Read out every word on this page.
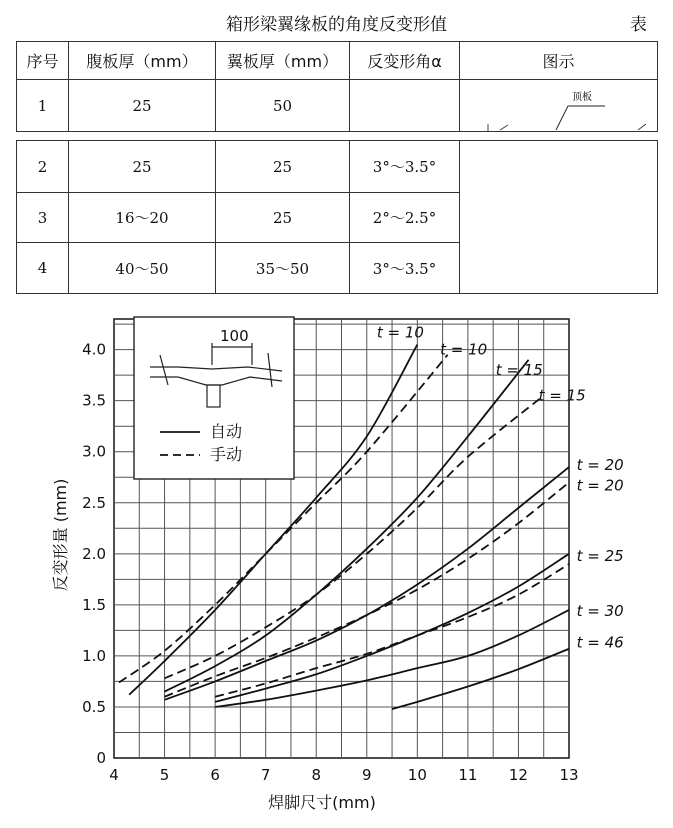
箱形梁翼缘板的角度反变形值	表
序号	腹板厚（mm）	翼板厚（mm）	反变形角α	图示
1	25	50		顶板
2	25	25	3°～3.5°	
3	16～20	25	2°～2.5°	
4	40～50	35～50	3°～3.5°	
4	5	6	7	8	9 10 11 12 13
0
0.5
1.0
1.5
2.0
2.5
3.0
3.5
4.0
t = 10
t = 10
t = 15
t = 15
t = 20
t = 20
t = 25
t = 30
t = 46
100
自动
手动
反变形量 (mm)
焊脚尺寸(mm)
